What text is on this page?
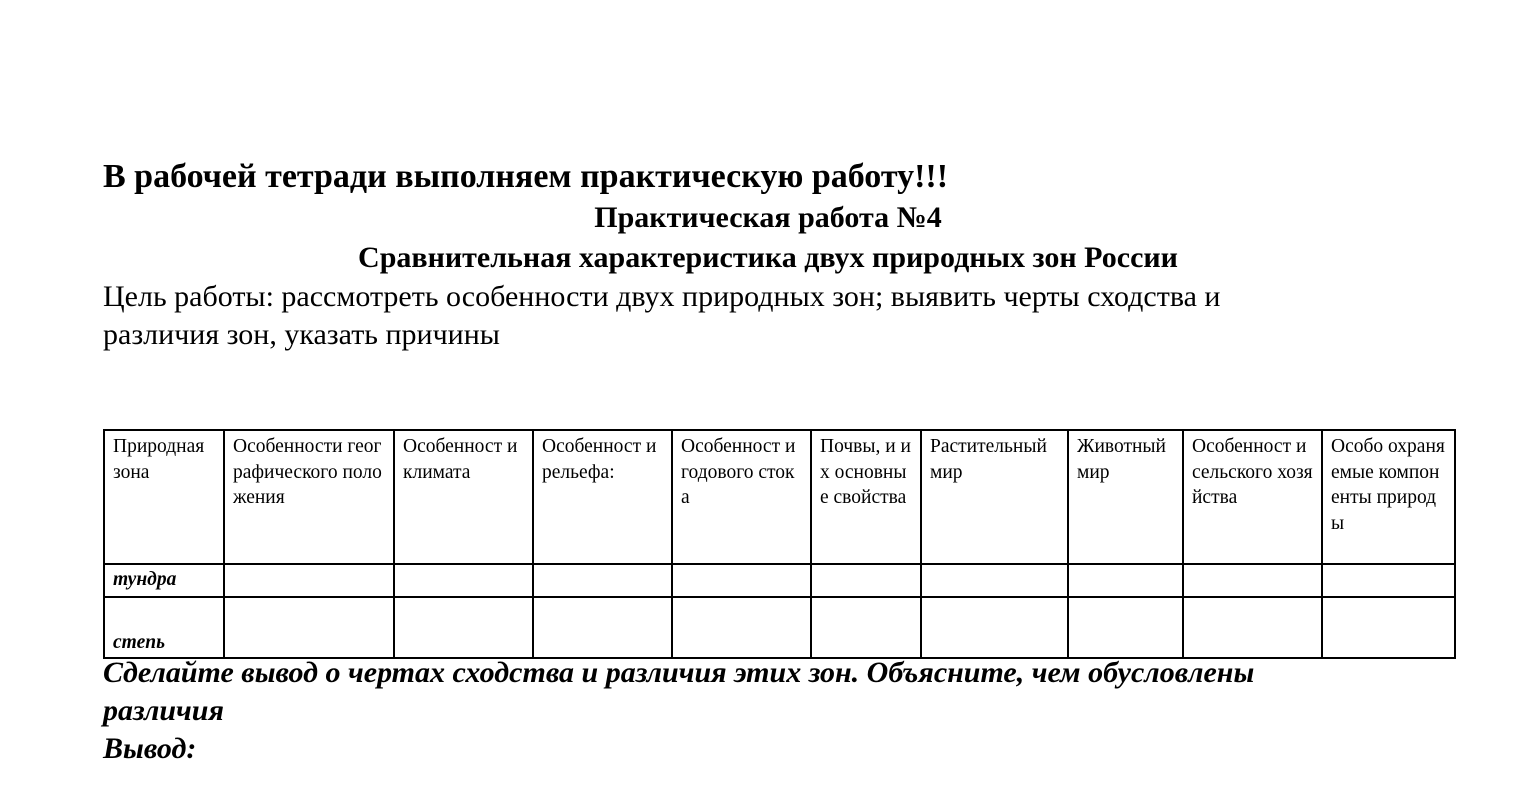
В рабочей тетради выполняем практическую работу!!!
Практическая работа №4
Сравнительная характеристика двух природных зон России
Цель работы: рассмотреть особенности двух природных зон; выявить черты сходства и
различия зон, указать причины
Природная зона	Особенности географического положения	Особенност и климата	Особенност и рельефа:	Особенност и годового стока	Почвы, и их основные свойства	Растительный мир	Животный мир	Особенност и сельского хозяйства	Особо охраняемые компоненты природы
тундра									
степь									
Сделайте вывод о чертах сходства и различия этих зон. Объясните, чем обусловлены
различия
Вывод:
